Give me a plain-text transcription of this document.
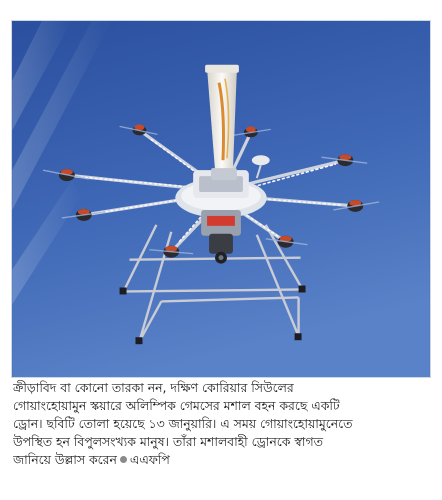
ক্রীড়াবিদ বা কোনো তারকা নন, দক্ষিণ কোরিয়ার সিউলের
গোয়াংহোয়ামুন স্কয়ারে অলিম্পিক গেমসের মশাল বহন করছে একটি
ড্রোন। ছবিটি তোলা হয়েছে ১৩ জানুয়ারি। এ সময় গোয়াংহোয়ামুনেতে
উপস্থিত হন বিপুলসংখ্যক মানুষ। তাঁরা মশালবাহী ড্রোনকে স্বাগত
জানিয়ে উল্লাস করেন এএফপি
